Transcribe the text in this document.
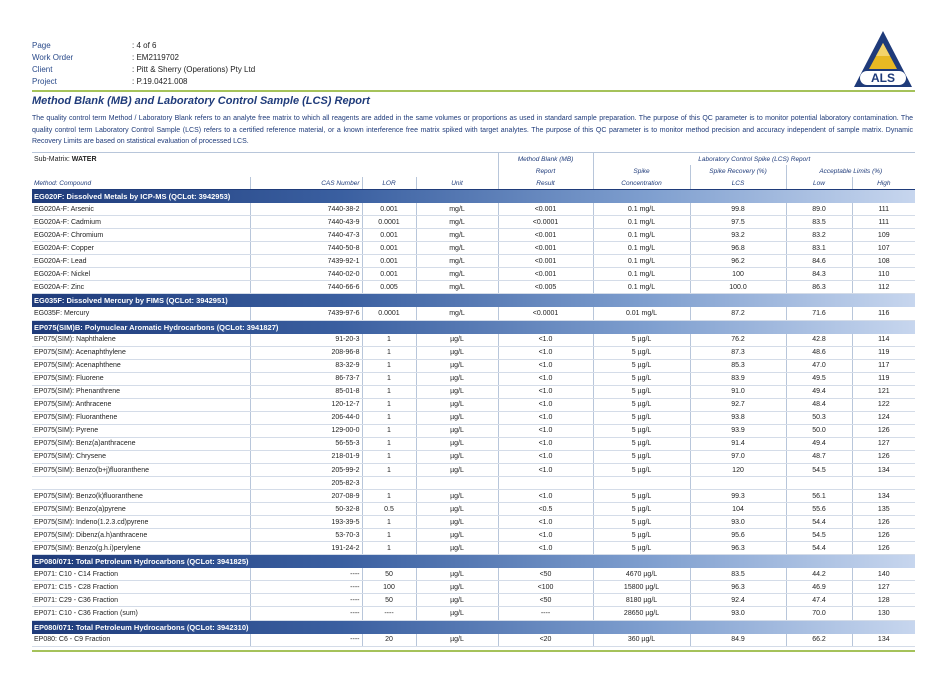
Page	: 4 of 6
Work Order	: EM2119702
Client	: Pitt & Sherry (Operations) Pty Ltd
Project	: P.19.0421.008	ALS
Method Blank (MB) and Laboratory Control Sample (LCS) Report
The quality control term Method / Laboratory Blank refers to an analyte free matrix to which all reagents are added in the same volumes or proportions as used in standard sample preparation. The purpose of this QC parameter is to monitor potential laboratory contamination. The quality control term Laboratory Control Sample (LCS) refers to a certified reference material, or a known interference free matrix spiked with target analytes. The purpose of this QC parameter is to monitor method precision and accuracy independent of sample matrix. Dynamic Recovery Limits are based on statistical evaluation of processed LCS.
Sub-Matrix: WATER				Method Blank (MB)	Laboratory Control Spike (LCS) Report			
				Report	Spike	Spike Recovery (%)	Acceptable Limits (%)	
Method: Compound	CAS Number	LOR	Unit	Result	Concentration	LCS	Low	High
EG020F: Dissolved Metals by ICP-MS (QCLot: 3942953)								
EG020A-F: Arsenic	7440-38-2	0.001	mg/L	<0.001	0.1 mg/L	99.8	89.0	111
EG020A-F: Cadmium	7440-43-9	0.0001	mg/L	<0.0001	0.1 mg/L	97.5	83.5	111
EG020A-F: Chromium	7440-47-3	0.001	mg/L	<0.001	0.1 mg/L	93.2	83.2	109
EG020A-F: Copper	7440-50-8	0.001	mg/L	<0.001	0.1 mg/L	96.8	83.1	107
EG020A-F: Lead	7439-92-1	0.001	mg/L	<0.001	0.1 mg/L	96.2	84.6	108
EG020A-F: Nickel	7440-02-0	0.001	mg/L	<0.001	0.1 mg/L	100	84.3	110
EG020A-F: Zinc	7440-66-6	0.005	mg/L	<0.005	0.1 mg/L	100.0	86.3	112
EG035F: Dissolved Mercury by FIMS (QCLot: 3942951)								
EG035F: Mercury	7439-97-6	0.0001	mg/L	<0.0001	0.01 mg/L	87.2	71.6	116
EP075(SIM)B: Polynuclear Aromatic Hydrocarbons (QCLot: 3941827)								
EP075(SIM): Naphthalene	91-20-3	1	µg/L	<1.0	5 µg/L	76.2	42.8	114
EP075(SIM): Acenaphthylene	208-96-8	1	µg/L	<1.0	5 µg/L	87.3	48.6	119
EP075(SIM): Acenaphthene	83-32-9	1	µg/L	<1.0	5 µg/L	85.3	47.0	117
EP075(SIM): Fluorene	86-73-7	1	µg/L	<1.0	5 µg/L	83.9	49.5	119
EP075(SIM): Phenanthrene	85-01-8	1	µg/L	<1.0	5 µg/L	91.0	49.4	121
EP075(SIM): Anthracene	120-12-7	1	µg/L	<1.0	5 µg/L	92.7	48.4	122
EP075(SIM): Fluoranthene	206-44-0	1	µg/L	<1.0	5 µg/L	93.8	50.3	124
EP075(SIM): Pyrene	129-00-0	1	µg/L	<1.0	5 µg/L	93.9	50.0	126
EP075(SIM): Benz(a)anthracene	56-55-3	1	µg/L	<1.0	5 µg/L	91.4	49.4	127
EP075(SIM): Chrysene	218-01-9	1	µg/L	<1.0	5 µg/L	97.0	48.7	126
EP075(SIM): Benzo(b+j)fluoranthene	205-99-2	1	µg/L	<1.0	5 µg/L	120	54.5	134
	205-82-3							
EP075(SIM): Benzo(k)fluoranthene	207-08-9	1	µg/L	<1.0	5 µg/L	99.3	56.1	134
EP075(SIM): Benzo(a)pyrene	50-32-8	0.5	µg/L	<0.5	5 µg/L	104	55.6	135
EP075(SIM): Indeno(1.2.3.cd)pyrene	193-39-5	1	µg/L	<1.0	5 µg/L	93.0	54.4	126
EP075(SIM): Dibenz(a.h)anthracene	53-70-3	1	µg/L	<1.0	5 µg/L	95.6	54.5	126
EP075(SIM): Benzo(g.h.i)perylene	191-24-2	1	µg/L	<1.0	5 µg/L	96.3	54.4	126
EP080/071: Total Petroleum Hydrocarbons (QCLot: 3941825)								
EP071: C10 - C14 Fraction	----	50	µg/L	<50	4670 µg/L	83.5	44.2	140
EP071: C15 - C28 Fraction	----	100	µg/L	<100	15800 µg/L	96.3	46.9	127
EP071: C29 - C36 Fraction	----	50	µg/L	<50	8180 µg/L	92.4	47.4	128
EP071: C10 - C36 Fraction (sum)	----	----	µg/L	----	28650 µg/L	93.0	70.0	130
EP080/071: Total Petroleum Hydrocarbons (QCLot: 3942310)								
EP080: C6 - C9 Fraction	----	20	µg/L	<20	360 µg/L	84.9	66.2	134
